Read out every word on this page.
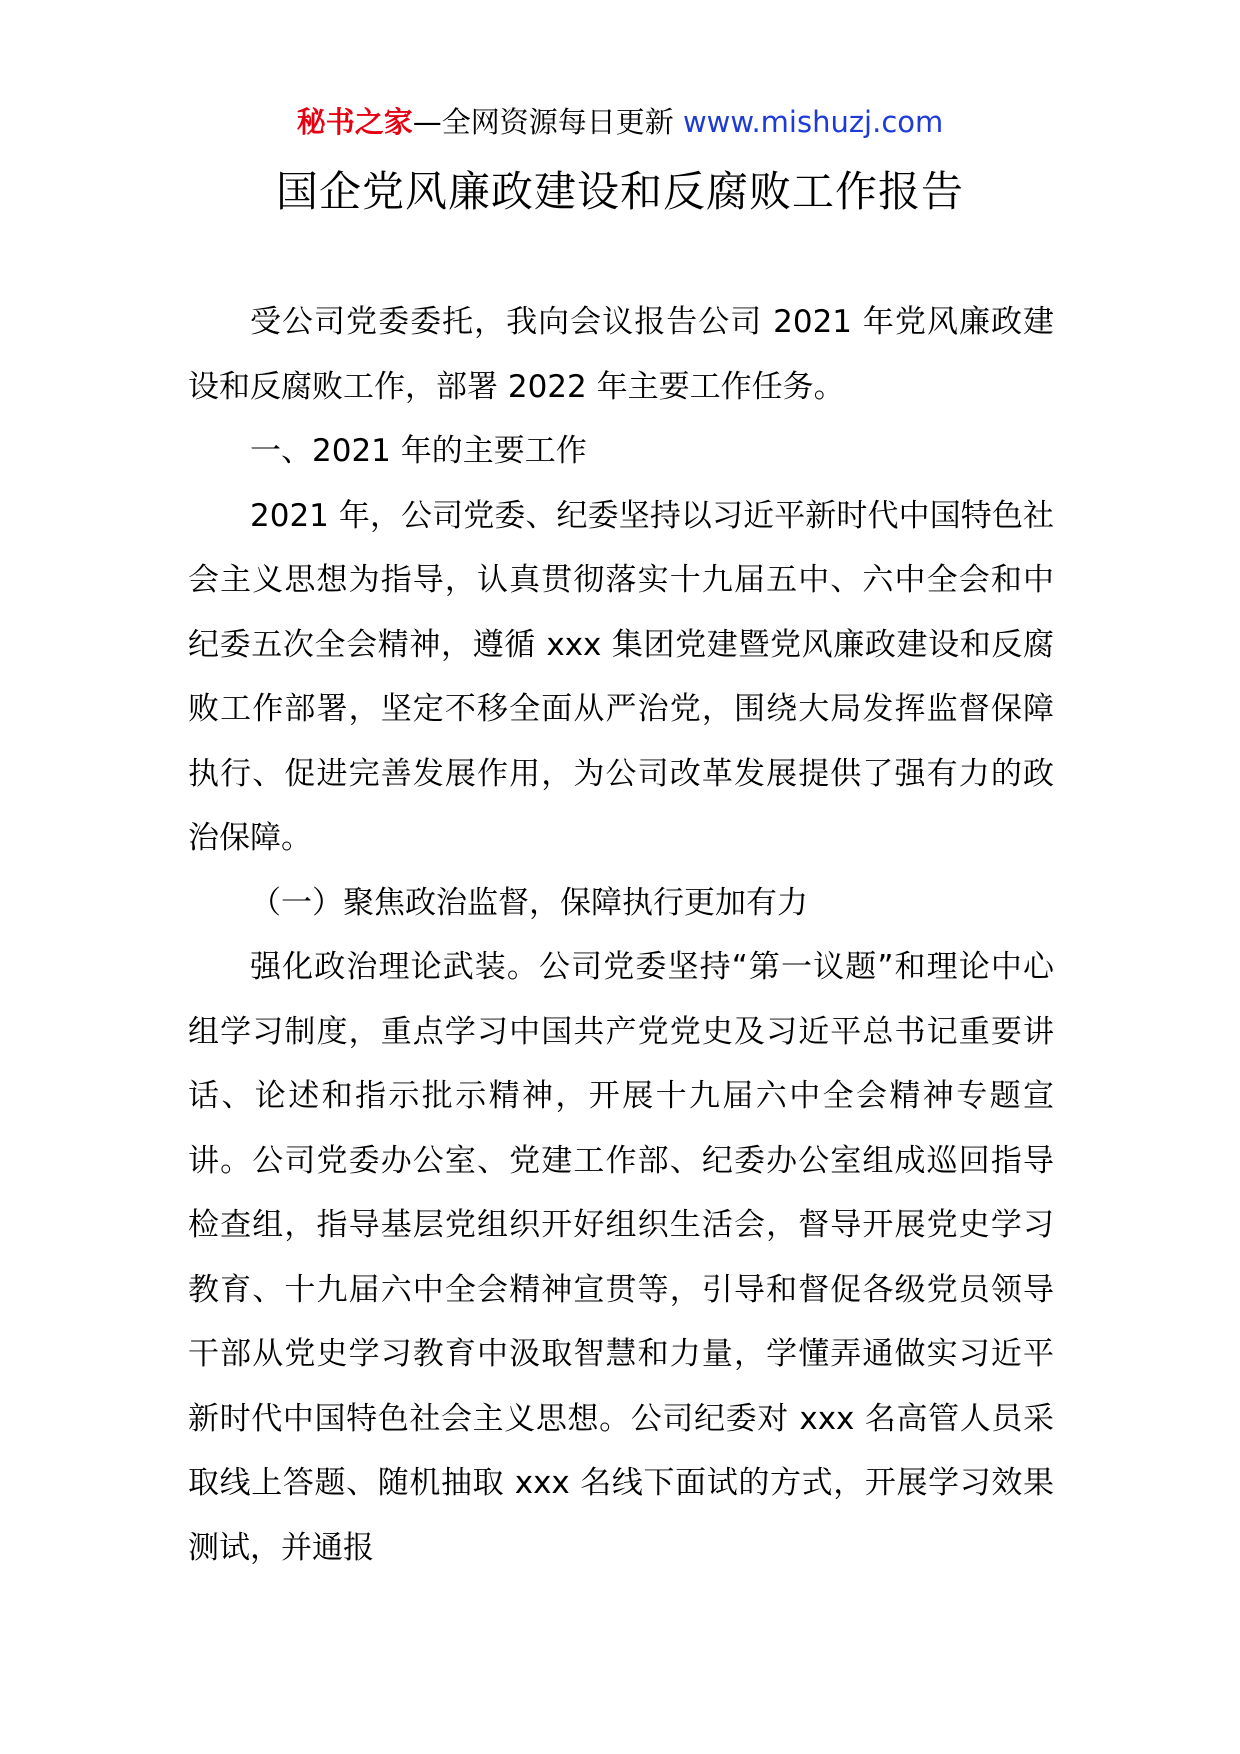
秘书之家—全网资源每日更新 www.mishuzj.com
国企党风廉政建设和反腐败工作报告

受公司党委委托，我向会议报告公司 2021 年党风廉政建设和反腐败工作，部署 2022 年主要工作任务。

一、2021 年的主要工作

2021 年，公司党委、纪委坚持以习近平新时代中国特色社会主义思想为指导，认真贯彻落实十九届五中、六中全会和中纪委五次全会精神，遵循 xxx 集团党建暨党风廉政建设和反腐败工作部署，坚定不移全面从严治党，围绕大局发挥监督保障执行、促进完善发展作用，为公司改革发展提供了强有力的政治保障。

（一）聚焦政治监督，保障执行更加有力

强化政治理论武装。公司党委坚持“第一议题”和理论中心组学习制度，重点学习中国共产党党史及习近平总书记重要讲话、论述和指示批示精神，开展十九届六中全会精神专题宣讲。公司党委办公室、党建工作部、纪委办公室组成巡回指导检查组，指导基层党组织开好组织生活会，督导开展党史学习教育、十九届六中全会精神宣贯等，引导和督促各级党员领导干部从党史学习教育中汲取智慧和力量，学懂弄通做实习近平新时代中国特色社会主义思想。公司纪委对 xxx 名高管人员采取线上答题、随机抽取 xxx 名线下面试的方式，开展学习效果测试，并通报
